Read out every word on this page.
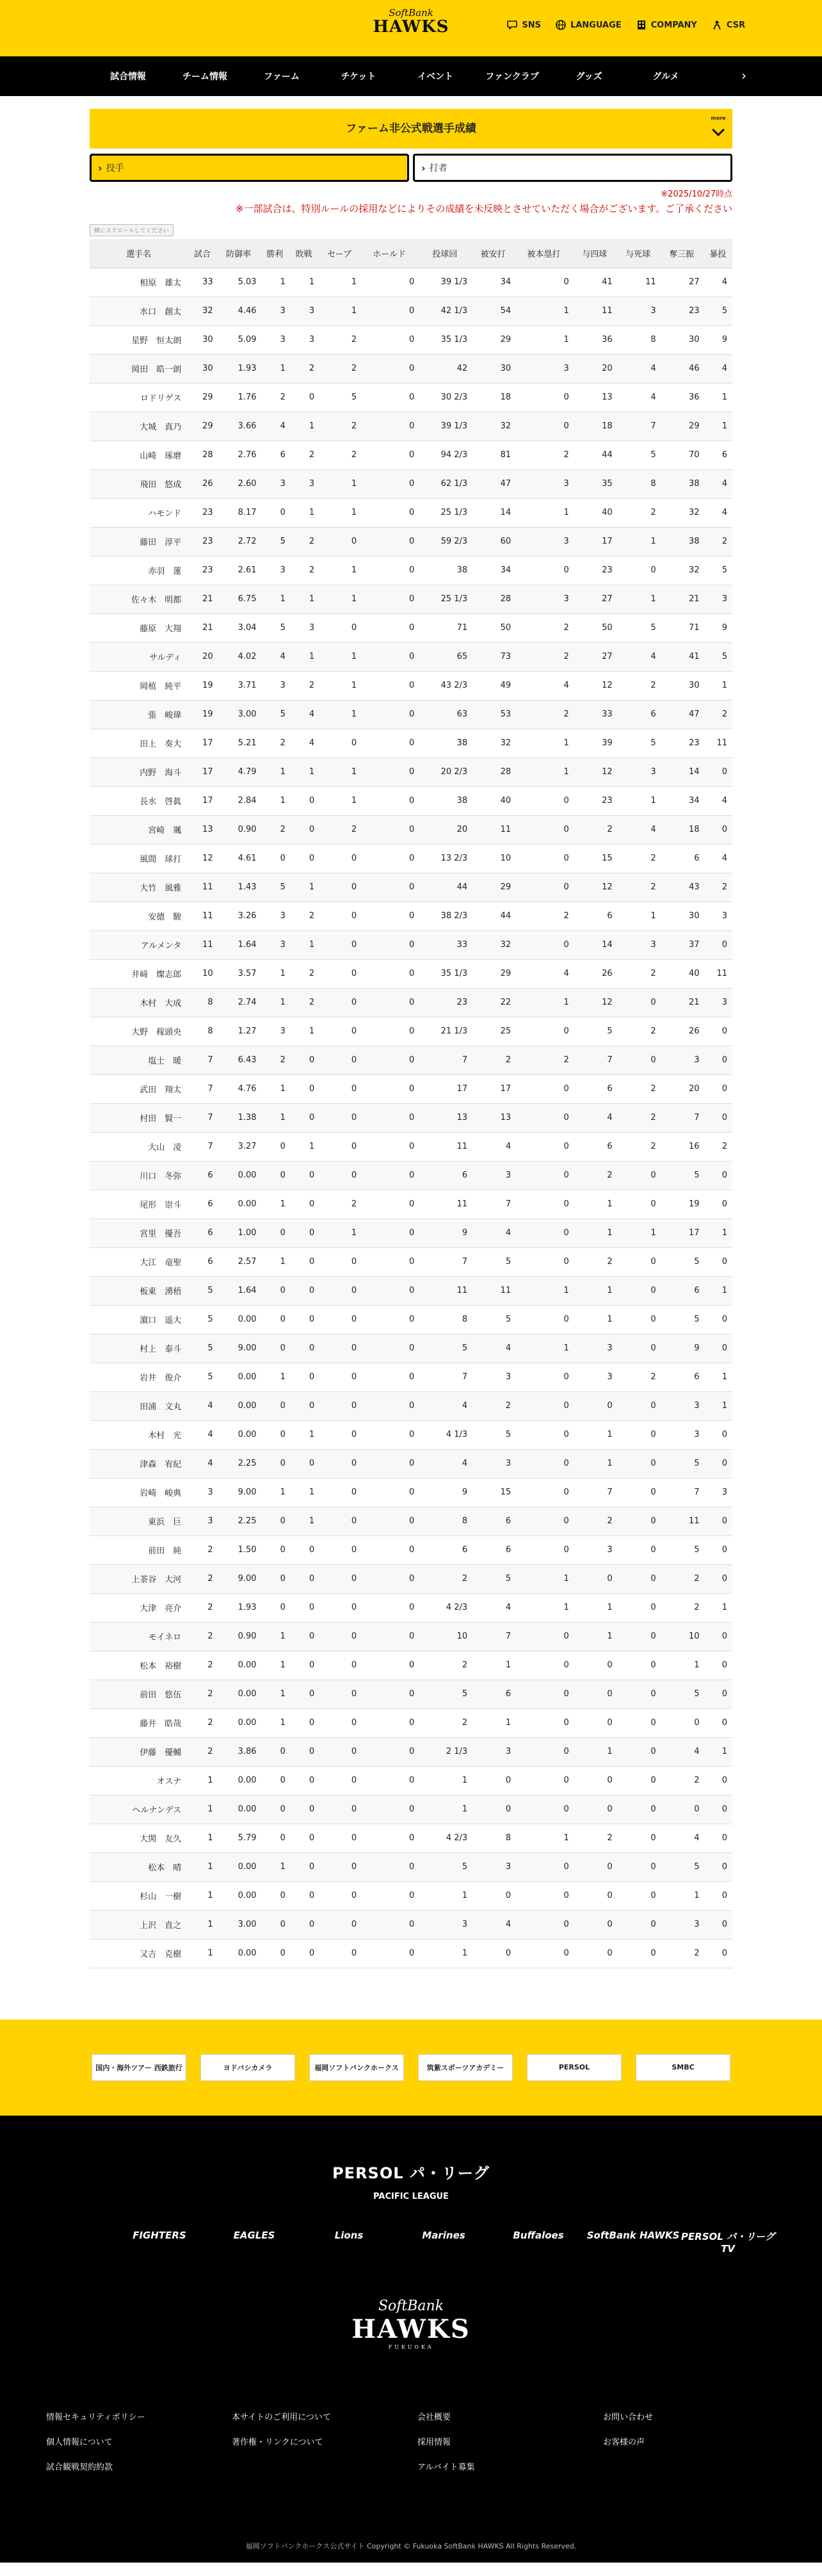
SoftBank
HAWKS	SNS	LANGUAGE	COMPANY	CSR
試合情報	チーム情報	ファーム	チケット	イベント	ファンクラブ	グッズ	グルメ	›
ファーム非公式戦選手成績
more
› 投手	› 打者
※2025/10/27時点
※一部試合は、特別ルールの採用などによりその成績を未反映とさせていただく場合がございます。ご了承ください
横にスクロールしてください
選手名	試合	防御率	勝利	敗戦	セーブ	ホールド	投球回	被安打	被本塁打	与四球	与死球	奪三振	暴投
相原　雄太	33	5.03	1	1	1	0	39 1/3	34	0	41	11	27	4
水口　創太	32	4.46	3	3	1	0	42 1/3	54	1	11	3	23	5
星野　恒太朗	30	5.09	3	3	2	0	35 1/3	29	1	36	8	30	9
岡田　皓一朗	30	1.93	1	2	2	0	42	30	3	20	4	46	4
ロドリゲス	29	1.76	2	0	5	0	30 2/3	18	0	13	4	36	1
大城　真乃	29	3.66	4	1	2	0	39 1/3	32	0	18	7	29	1
山崎　琢磨	28	2.76	6	2	2	0	94 2/3	81	2	44	5	70	6
飛田　悠成	26	2.60	3	3	1	0	62 1/3	47	3	35	8	38	4
ハモンド	23	8.17	0	1	1	0	25 1/3	14	1	40	2	32	4
藤田　淳平	23	2.72	5	2	0	0	59 2/3	60	3	17	1	38	2
赤羽　蓮	23	2.61	3	2	1	0	38	34	0	23	0	32	5
佐々木　明都	21	6.75	1	1	1	0	25 1/3	28	3	27	1	21	3
藤原　大翔	21	3.04	5	3	0	0	71	50	2	50	5	71	9
サルディ	20	4.02	4	1	1	0	65	73	2	27	4	41	5
岡植　純平	19	3.71	3	2	1	0	43 2/3	49	4	12	2	30	1
張　峻瑋	19	3.00	5	4	1	0	63	53	2	33	6	47	2
田上　奏大	17	5.21	2	4	0	0	38	32	1	39	5	23	11
内野　海斗	17	4.79	1	1	1	0	20 2/3	28	1	12	3	14	0
長水　啓眞	17	2.84	1	0	1	0	38	40	0	23	1	34	4
宮崎　颯	13	0.90	2	0	2	0	20	11	0	2	4	18	0
風間　球打	12	4.61	0	0	0	0	13 2/3	10	0	15	2	6	4
大竹　風雅	11	1.43	5	1	0	0	44	29	0	12	2	43	2
安德　駿	11	3.26	3	2	0	0	38 2/3	44	2	6	1	30	3
アルメンタ	11	1.64	3	1	0	0	33	32	0	14	3	37	0
井﨑　燦志郎	10	3.57	1	2	0	0	35 1/3	29	4	26	2	40	11
木村　大成	8	2.74	1	2	0	0	23	22	1	12	0	21	3
大野　稼頭央	8	1.27	3	1	0	0	21 1/3	25	0	5	2	26	0
塩士　暖	7	6.43	2	0	0	0	7	2	2	7	0	3	0
武田　翔太	7	4.76	1	0	0	0	17	17	0	6	2	20	0
村田　賢一	7	1.38	1	0	0	0	13	13	0	4	2	7	0
大山　凌	7	3.27	0	1	0	0	11	4	0	6	2	16	2
川口　冬弥	6	0.00	0	0	0	0	6	3	0	2	0	5	0
尾形　崇斗	6	0.00	1	0	2	0	11	7	0	1	0	19	0
宮里　優吾	6	1.00	0	0	1	0	9	4	0	1	1	17	1
大江　竜聖	6	2.57	1	0	0	0	7	5	0	2	0	5	0
板東　湧梧	5	1.64	0	0	0	0	11	11	1	1	0	6	1
濵口　遥大	5	0.00	0	0	0	0	8	5	0	1	0	5	0
村上　泰斗	5	9.00	0	0	0	0	5	4	1	3	0	9	0
岩井　俊介	5	0.00	1	0	0	0	7	3	0	3	2	6	1
田浦　文丸	4	0.00	0	0	0	0	4	2	0	0	0	3	1
木村　光	4	0.00	0	1	0	0	4 1/3	5	0	1	0	3	0
津森　宥紀	4	2.25	0	0	0	0	4	3	0	1	0	5	0
岩崎　峻典	3	9.00	1	1	0	0	9	15	0	7	0	7	3
東浜　巨	3	2.25	0	1	0	0	8	6	0	2	0	11	0
前田　純	2	1.50	0	0	0	0	6	6	0	3	0	5	0
上茶谷　大河	2	9.00	0	0	0	0	2	5	1	0	0	2	0
大津　亮介	2	1.93	0	0	0	0	4 2/3	4	1	1	0	2	1
モイネロ	2	0.90	1	0	0	0	10	7	0	1	0	10	0
松本　裕樹	2	0.00	1	0	0	0	2	1	0	0	0	1	0
前田　悠伍	2	0.00	1	0	0	0	5	6	0	0	0	5	0
藤井　皓哉	2	0.00	1	0	0	0	2	1	0	0	0	0	0
伊藤　優輔	2	3.86	0	0	0	0	2 1/3	3	0	1	0	4	1
オスナ	1	0.00	0	0	0	0	1	0	0	0	0	2	0
ヘルナンデス	1	0.00	0	0	0	0	1	0	0	0	0	0	0
大関　友久	1	5.79	0	0	0	0	4 2/3	8	1	2	0	4	0
松本　晴	1	0.00	1	0	0	0	5	3	0	0	0	5	0
杉山　一樹	1	0.00	0	0	0	0	1	0	0	0	0	1	0
上沢　直之	1	3.00	0	0	0	0	3	4	0	0	0	3	0
又吉　克樹	1	0.00	0	0	0	0	1	0	0	0	0	2	0
国内・海外ツアー 西鉄旅行	ヨドバシカメラ	福岡ソフトバンクホークス	筑紫スポーツアカデミー	PERSOL	SMBC
PERSOL パ・リーグ
PACIFIC LEAGUE
FIGHTERS	EAGLES	Lions	Marines	Buffaloes	SoftBank HAWKS PERSOL パ・リーグTV
SoftBank
HAWKS
FUKUOKA
情報セキュリティポリシー	本サイトのご利用について	会社概要	お問い合わせ
個人情報について	著作権・リンクについて	採用情報	お客様の声
試合観戦契約約款	アルバイト募集
福岡ソフトバンクホークス公式サイト Copyright © Fukuoka SoftBank HAWKS All Rights Reserved.
